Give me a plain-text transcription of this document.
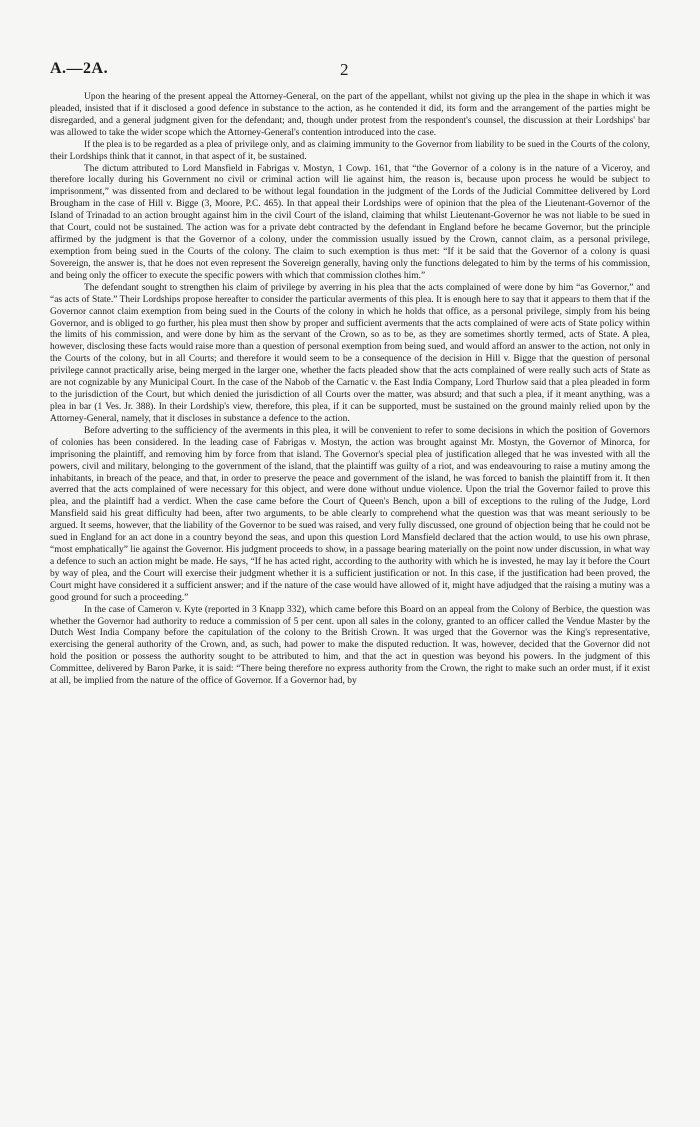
A.—2A.	2

Upon the hearing of the present appeal the Attorney-General, on the part of the appellant, whilst not giving up the plea in the shape in which it was pleaded, insisted that if it disclosed a good defence in substance to the action, as he contended it did, its form and the arrangement of the parties might be disregarded, and a general judgment given for the defendant; and, though under protest from the respondent's counsel, the discussion at their Lordships' bar was allowed to take the wider scope which the Attorney-General's contention introduced into the case.

If the plea is to be regarded as a plea of privilege only, and as claiming immunity to the Governor from liability to be sued in the Courts of the colony, their Lordships think that it cannot, in that aspect of it, be sustained.

The dictum attributed to Lord Mansfield in Fabrigas v. Mostyn, 1 Cowp. 161, that “the Governor of a colony is in the nature of a Viceroy, and therefore locally during his Government no civil or criminal action will lie against him, the reason is, because upon process he would be subject to imprisonment,” was dissented from and declared to be without legal foundation in the judgment of the Lords of the Judicial Committee delivered by Lord Brougham in the case of Hill v. Bigge (3, Moore, P.C. 465). In that appeal their Lordships were of opinion that the plea of the Lieutenant-Governor of the Island of Trinadad to an action brought against him in the civil Court of the island, claiming that whilst Lieutenant-Governor he was not liable to be sued in that Court, could not be sustained. The action was for a private debt contracted by the defendant in England before he became Governor, but the principle affirmed by the judgment is that the Governor of a colony, under the commission usually issued by the Crown, cannot claim, as a personal privilege, exemption from being sued in the Courts of the colony. The claim to such exemption is thus met: “If it be said that the Governor of a colony is quasi Sovereign, the answer is, that he does not even represent the Sovereign generally, having only the functions delegated to him by the terms of his commission, and being only the officer to execute the specific powers with which that commission clothes him.”

The defendant sought to strengthen his claim of privilege by averring in his plea that the acts complained of were done by him “as Governor,” and “as acts of State.” Their Lordships propose hereafter to consider the particular averments of this plea. It is enough here to say that it appears to them that if the Governor cannot claim exemption from being sued in the Courts of the colony in which he holds that office, as a personal privilege, simply from his being Governor, and is obliged to go further, his plea must then show by proper and sufficient averments that the acts complained of were acts of State policy within the limits of his commission, and were done by him as the servant of the Crown, so as to be, as they are sometimes shortly termed, acts of State. A plea, however, disclosing these facts would raise more than a question of personal exemption from being sued, and would afford an answer to the action, not only in the Courts of the colony, but in all Courts; and therefore it would seem to be a consequence of the decision in Hill v. Bigge that the question of personal privilege cannot practically arise, being merged in the larger one, whether the facts pleaded show that the acts complained of were really such acts of State as are not cognizable by any Municipal Court. In the case of the Nabob of the Carnatic v. the East India Company, Lord Thurlow said that a plea pleaded in form to the jurisdiction of the Court, but which denied the jurisdiction of all Courts over the matter, was absurd; and that such a plea, if it meant anything, was a plea in bar (1 Ves. Jr. 388). In their Lordship's view, therefore, this plea, if it can be supported, must be sustained on the ground mainly relied upon by the Attorney-General, namely, that it discloses in substance a defence to the action.

Before adverting to the sufficiency of the averments in this plea, it will be convenient to refer to some decisions in which the position of Governors of colonies has been considered. In the leading case of Fabrigas v. Mostyn, the action was brought against Mr. Mostyn, the Governor of Minorca, for imprisoning the plaintiff, and removing him by force from that island. The Governor's special plea of justification alleged that he was invested with all the powers, civil and military, belonging to the government of the island, that the plaintiff was guilty of a riot, and was endeavouring to raise a mutiny among the inhabitants, in breach of the peace, and that, in order to preserve the peace and government of the island, he was forced to banish the plaintiff from it. It then averred that the acts complained of were necessary for this object, and were done without undue violence. Upon the trial the Governor failed to prove this plea, and the plaintiff had a verdict. When the case came before the Court of Queen's Bench, upon a bill of exceptions to the ruling of the Judge, Lord Mansfield said his great difficulty had been, after two arguments, to be able clearly to comprehend what the question was that was meant seriously to be argued. It seems, however, that the liability of the Governor to be sued was raised, and very fully discussed, one ground of objection being that he could not be sued in England for an act done in a country beyond the seas, and upon this question Lord Mansfield declared that the action would, to use his own phrase, “most emphatically” lie against the Governor. His judgment proceeds to show, in a passage bearing materially on the point now under discussion, in what way a defence to such an action might be made. He says, “If he has acted right, according to the authority with which he is invested, he may lay it before the Court by way of plea, and the Court will exercise their judgment whether it is a sufficient justification or not. In this case, if the justification had been proved, the Court might have considered it a sufficient answer; and if the nature of the case would have allowed of it, might have adjudged that the raising a mutiny was a good ground for such a proceeding.”

In the case of Cameron v. Kyte (reported in 3 Knapp 332), which came before this Board on an appeal from the Colony of Berbice, the question was whether the Governor had authority to reduce a commission of 5 per cent. upon all sales in the colony, granted to an officer called the Vendue Master by the Dutch West India Company before the capitulation of the colony to the British Crown. It was urged that the Governor was the King's representative, exercising the general authority of the Crown, and, as such, had power to make the disputed reduction. It was, however, decided that the Governor did not hold the position or possess the authority sought to be attributed to him, and that the act in question was beyond his powers. In the judgment of this Committee, delivered by Baron Parke, it is said: “There being therefore no express authority from the Crown, the right to make such an order must, if it exist at all, be implied from the nature of the office of Governor. If a Governor had, by
